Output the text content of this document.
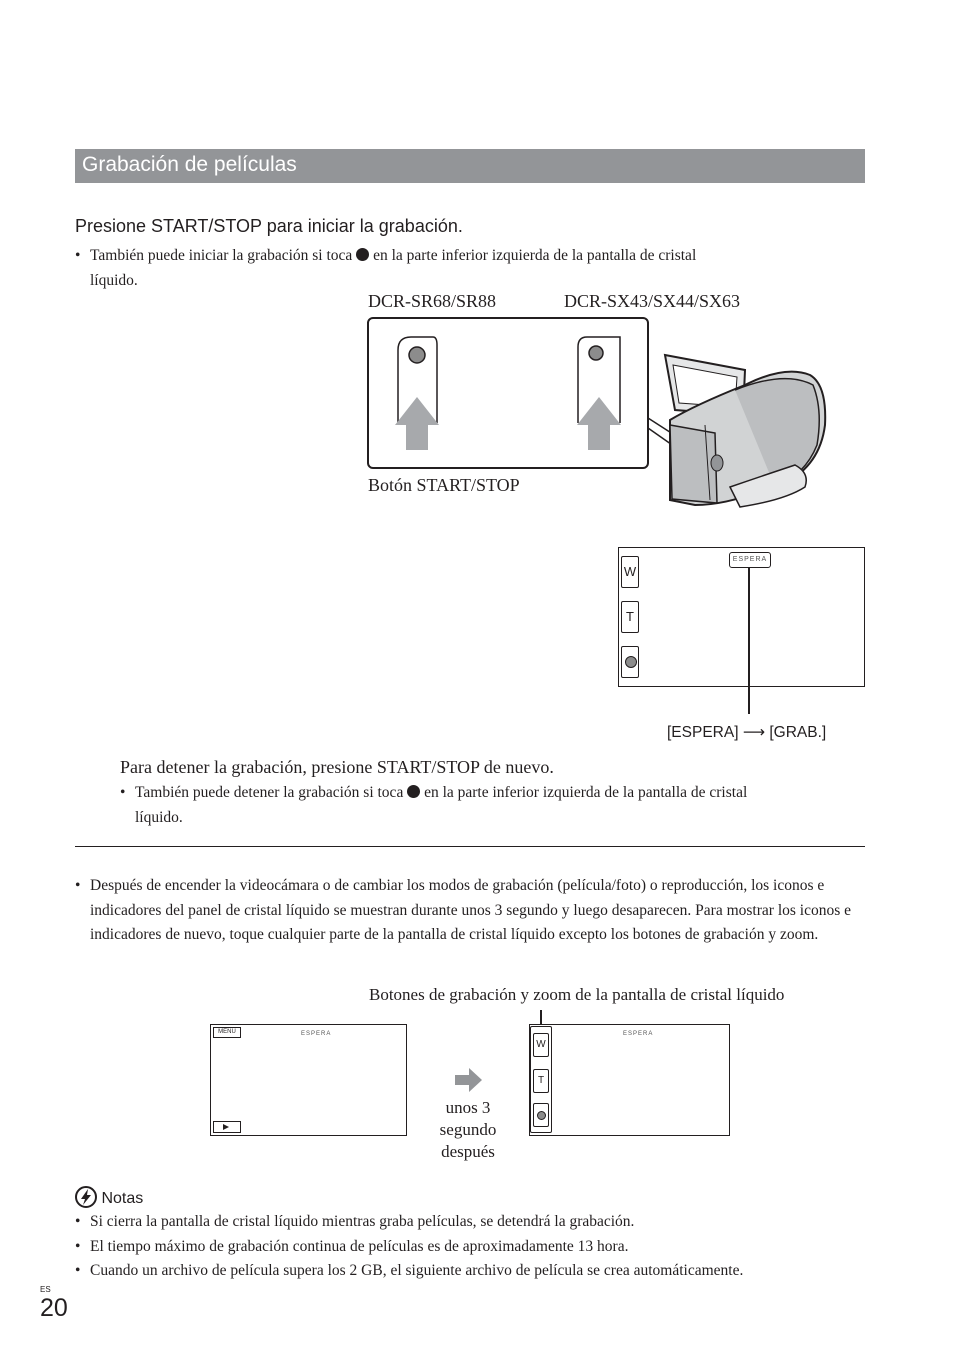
Grabación de películas
Presione START/STOP para iniciar la grabación.
• También puede iniciar la grabación si toca en la parte inferior izquierda de la pantalla de cristal
líquido.
DCR-SR68/SR88	DCR-SX43/SX44/SX63
Botón START/STOP
W
T
ESPERA
[ESPERA] ⟶ [GRAB.]
Para detener la grabación, presione START/STOP de nuevo.
• También puede detener la grabación si toca en la parte inferior izquierda de la pantalla de cristal
líquido.
• Después de encender la videocámara o de cambiar los modos de grabación (película/foto) o reproducción, los iconos e indicadores del panel de cristal líquido se muestran durante unos 3 segundo y luego desaparecen. Para mostrar los iconos e indicadores de nuevo, toque cualquier parte de la pantalla de cristal líquido excepto los botones de grabación y zoom.
Botones de grabación y zoom de la pantalla de cristal líquido
MENU	ESPERA
unos 3
segundo
después
W
T
ESPERA
Notas
• Si cierra la pantalla de cristal líquido mientras graba películas, se detendrá la grabación.
• El tiempo máximo de grabación continua de películas es de aproximadamente 13 hora.
• Cuando un archivo de película supera los 2 GB, el siguiente archivo de película se crea automáticamente.
ES
20
